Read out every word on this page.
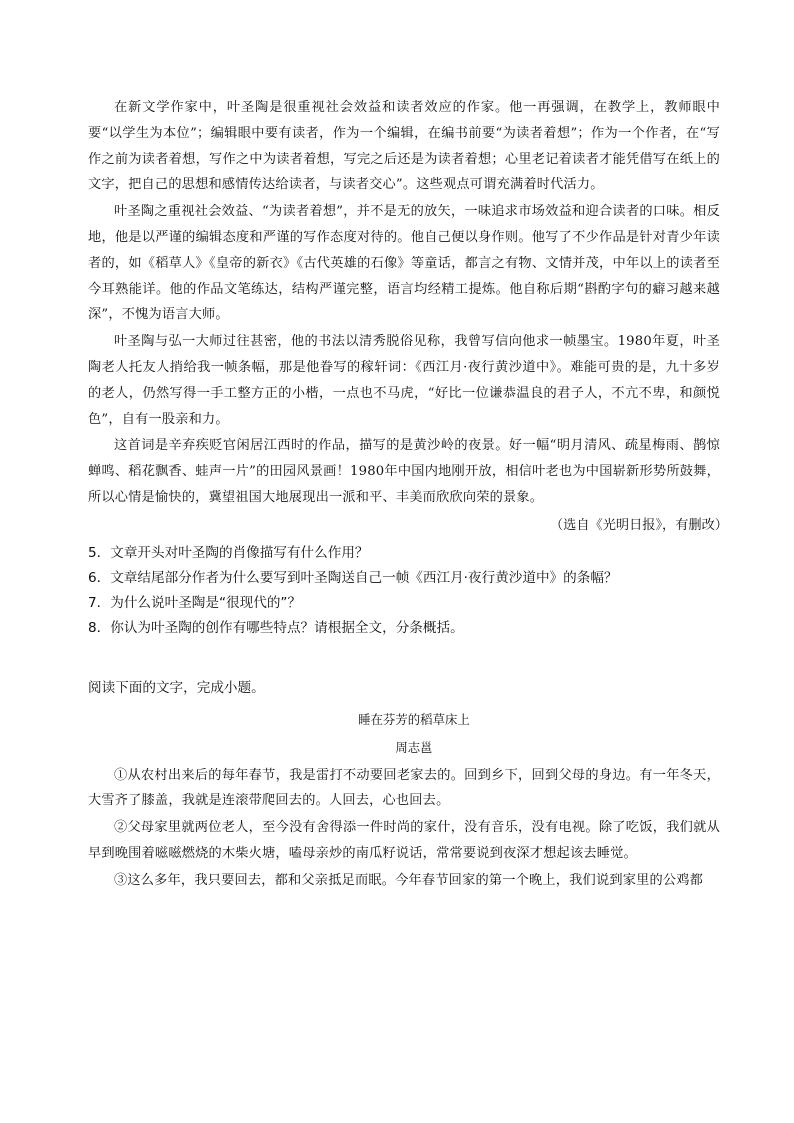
在新文学作家中，叶圣陶是很重视社会效益和读者效应的作家。他一再强调，在教学上，教师眼中要“以学生为本位”；编辑眼中要有读者，作为一个编辑，在编书前要“为读者着想”；作为一个作者，在“写作之前为读者着想，写作之中为读者着想，写完之后还是为读者着想；心里老记着读者才能凭借写在纸上的文字，把自己的思想和感情传达给读者，与读者交心”。这些观点可谓充满着时代活力。

叶圣陶之重视社会效益、“为读者着想”，并不是无的放矢，一味追求市场效益和迎合读者的口味。相反地，他是以严谨的编辑态度和严谨的写作态度对待的。他自己便以身作则。他写了不少作品是针对青少年读者的，如《稻草人》《皇帝的新衣》《古代英雄的石像》等童话，都言之有物、文情并茂，中年以上的读者至今耳熟能详。他的作品文笔练达，结构严谨完整，语言均经精工提炼。他自称后期“斟酌字句的癖习越来越深”，不愧为语言大师。

叶圣陶与弘一大师过往甚密，他的书法以清秀脱俗见称，我曾写信向他求一帧墨宝。1980年夏，叶圣陶老人托友人捎给我一帧条幅，那是他眷写的稼轩词：《西江月·夜行黄沙道中》。难能可贵的是，九十多岁的老人，仍然写得一手工整方正的小楷，一点也不马虎，“好比一位谦恭温良的君子人，不亢不卑，和颜悦色”，自有一股亲和力。

这首词是辛弃疾贬官闲居江西时的作品，描写的是黄沙岭的夜景。好一幅“明月清风、疏星梅雨、鹊惊蝉鸣、稻花飘香、蛙声一片”的田园风景画！1980年中国内地刚开放，相信叶老也为中国崭新形势所鼓舞，所以心情是愉快的，冀望祖国大地展现出一派和平、丰美而欣欣向荣的景象。

（选自《光明日报》，有删改）

5．文章开头对叶圣陶的肖像描写有什么作用？

6．文章结尾部分作者为什么要写到叶圣陶送自己一帧《西江月·夜行黄沙道中》的条幅？

7．为什么说叶圣陶是“很现代的”？

8．你认为叶圣陶的创作有哪些特点？请根据全文，分条概括。

阅读下面的文字，完成小题。

睡在芬芳的稻草床上
周志邕

①从农村出来后的每年春节，我是雷打不动要回老家去的。回到乡下，回到父母的身边。有一年冬天，大雪齐了膝盖，我就是连滚带爬回去的。人回去，心也回去。

②父母家里就两位老人，至今没有舍得添一件时尚的家什，没有音乐，没有电视。除了吃饭，我们就从早到晚围着嗞嗞燃烧的木柴火塘，嗑母亲炒的南瓜籽说话，常常要说到夜深才想起该去睡觉。

③这么多年，我只要回去，都和父亲抵足而眠。今年春节回家的第一个晚上，我们说到家里的公鸡都
